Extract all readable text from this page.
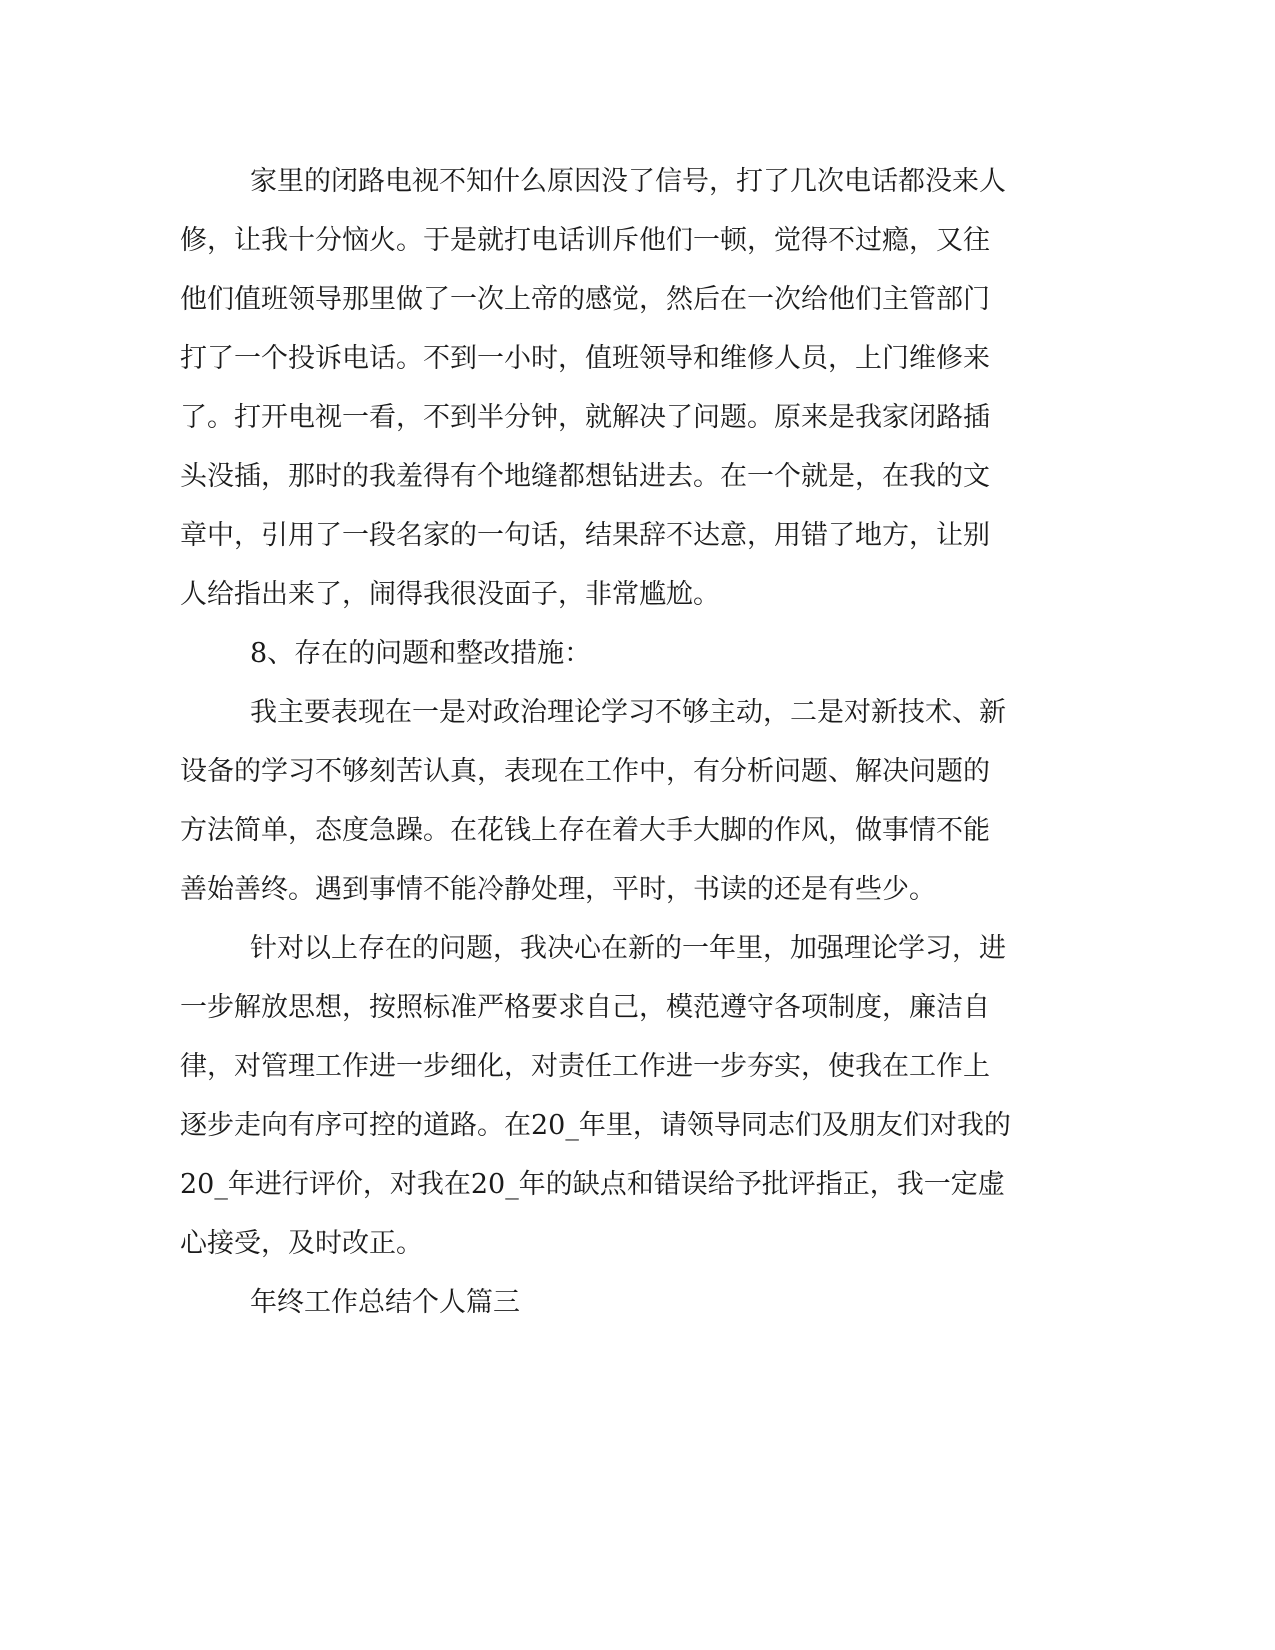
家里的闭路电视不知什么原因没了信号，打了几次电话都没来人
修，让我十分恼火。于是就打电话训斥他们一顿，觉得不过瘾，又往
他们值班领导那里做了一次上帝的感觉，然后在一次给他们主管部门
打了一个投诉电话。不到一小时，值班领导和维修人员，上门维修来
了。打开电视一看，不到半分钟，就解决了问题。原来是我家闭路插
头没插，那时的我羞得有个地缝都想钻进去。在一个就是，在我的文
章中，引用了一段名家的一句话，结果辞不达意，用错了地方，让别
人给指出来了，闹得我很没面子，非常尴尬。
8、存在的问题和整改措施：
我主要表现在一是对政治理论学习不够主动，二是对新技术、新
设备的学习不够刻苦认真，表现在工作中，有分析问题、解决问题的
方法简单，态度急躁。在花钱上存在着大手大脚的作风，做事情不能
善始善终。遇到事情不能冷静处理，平时，书读的还是有些少。
针对以上存在的问题，我决心在新的一年里，加强理论学习，进
一步解放思想，按照标准严格要求自己，模范遵守各项制度，廉洁自
律，对管理工作进一步细化，对责任工作进一步夯实，使我在工作上
逐步走向有序可控的道路。在20_年里，请领导同志们及朋友们对我的
20_年进行评价，对我在20_年的缺点和错误给予批评指正，我一定虚
心接受，及时改正。
年终工作总结个人篇三
